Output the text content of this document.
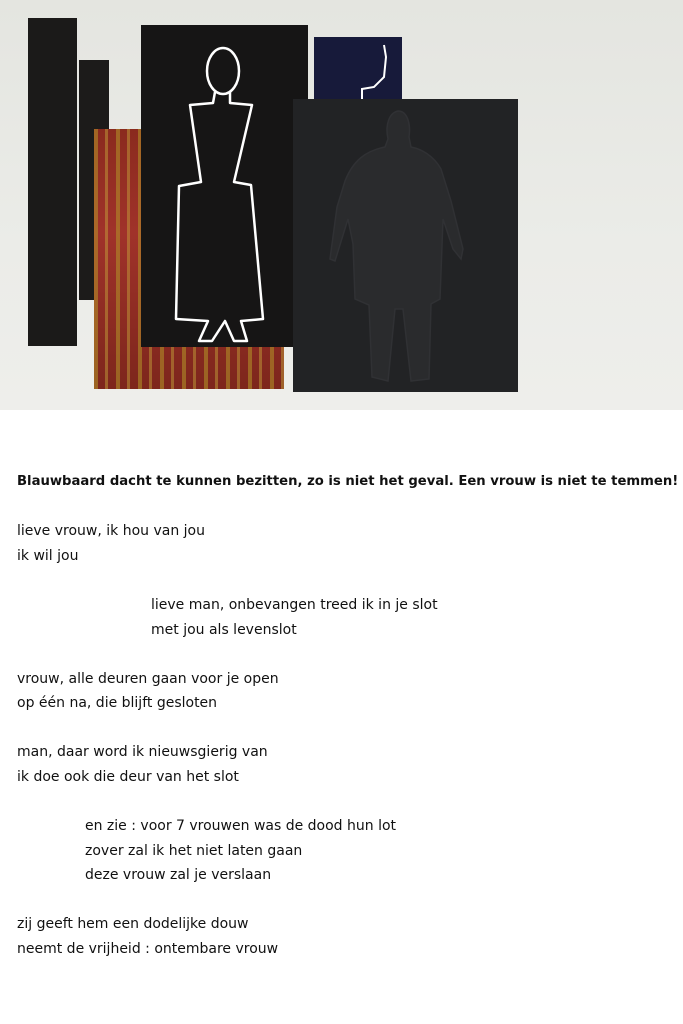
Blauwbaard dacht te kunnen bezitten, zo is niet het geval. Een vrouw is niet te temmen!
lieve vrouw, ik hou van jou
ik wil jou
lieve man, onbevangen treed ik in je slot
met jou als levenslot
vrouw, alle deuren gaan voor je open
op één na, die blijft gesloten
man, daar word ik nieuwsgierig van
ik doe ook die deur van het slot
en zie : voor 7 vrouwen was de dood hun lot
zover zal ik het niet laten gaan
deze vrouw zal je verslaan
zij geeft hem een dodelijke douw
neemt de vrijheid : ontembare vrouw
